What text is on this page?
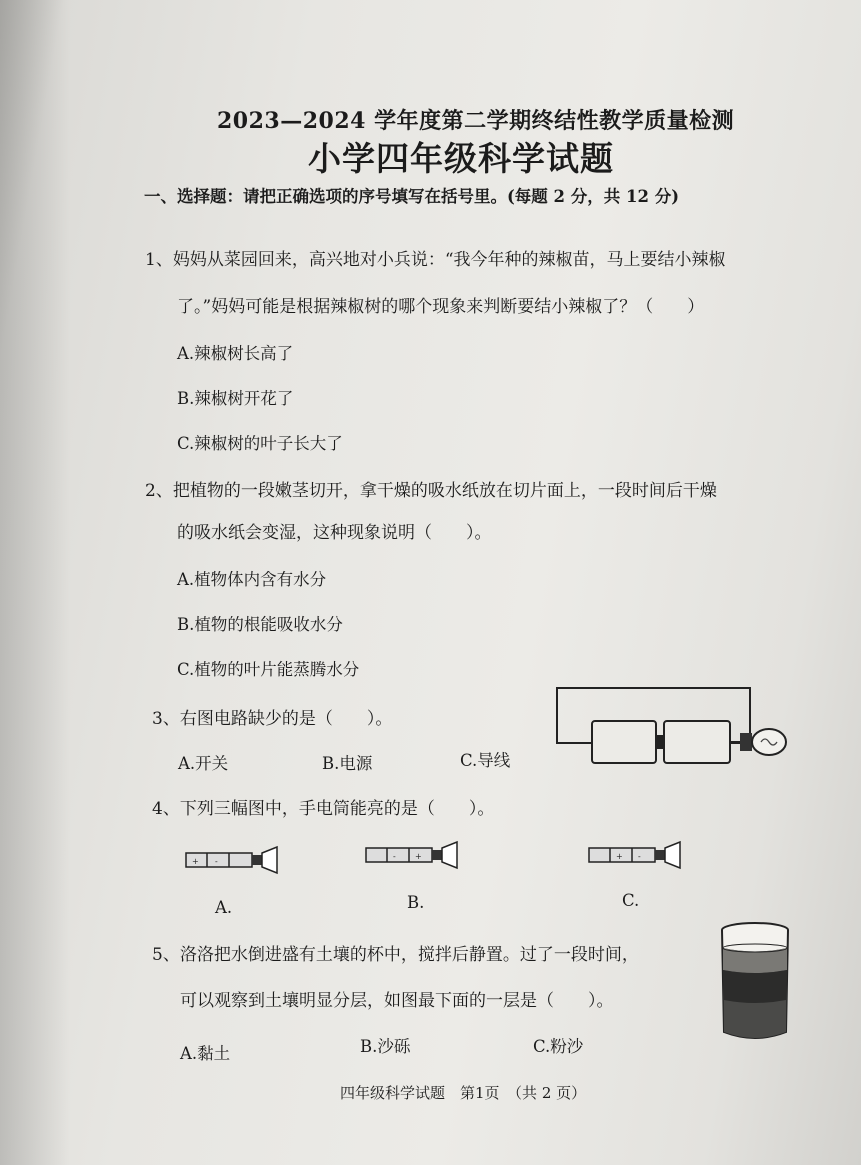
2023—2024 学年度第二学期终结性教学质量检测
小学四年级科学试题
一、选择题：请把正确选项的序号填写在括号里。(每题 2 分，共 12 分)
1、妈妈从菜园回来，高兴地对小兵说：“我今年种的辣椒苗，马上要结小辣椒
了。”妈妈可能是根据辣椒树的哪个现象来判断要结小辣椒了？（　　）
A.辣椒树长高了
B.辣椒树开花了
C.辣椒树的叶子长大了
2、把植物的一段嫩茎切开，拿干燥的吸水纸放在切片面上，一段时间后干燥
的吸水纸会变湿，这种现象说明（　　）。
A.植物体内含有水分
B.植物的根能吸收水分
C.植物的叶片能蒸腾水分
3、右图电路缺少的是（　　）。
A.开关	B.电源	C.导线
4、下列三幅图中，手电筒能亮的是（　　）。
+ -
A.
- +
B.
+ -
C.
5、洛洛把水倒进盛有土壤的杯中，搅拌后静置。过了一段时间，
可以观察到土壤明显分层，如图最下面的一层是（　　）。
A.黏土	B.沙砾	C.粉沙
四年级科学试题　第1页　（共 2 页）
